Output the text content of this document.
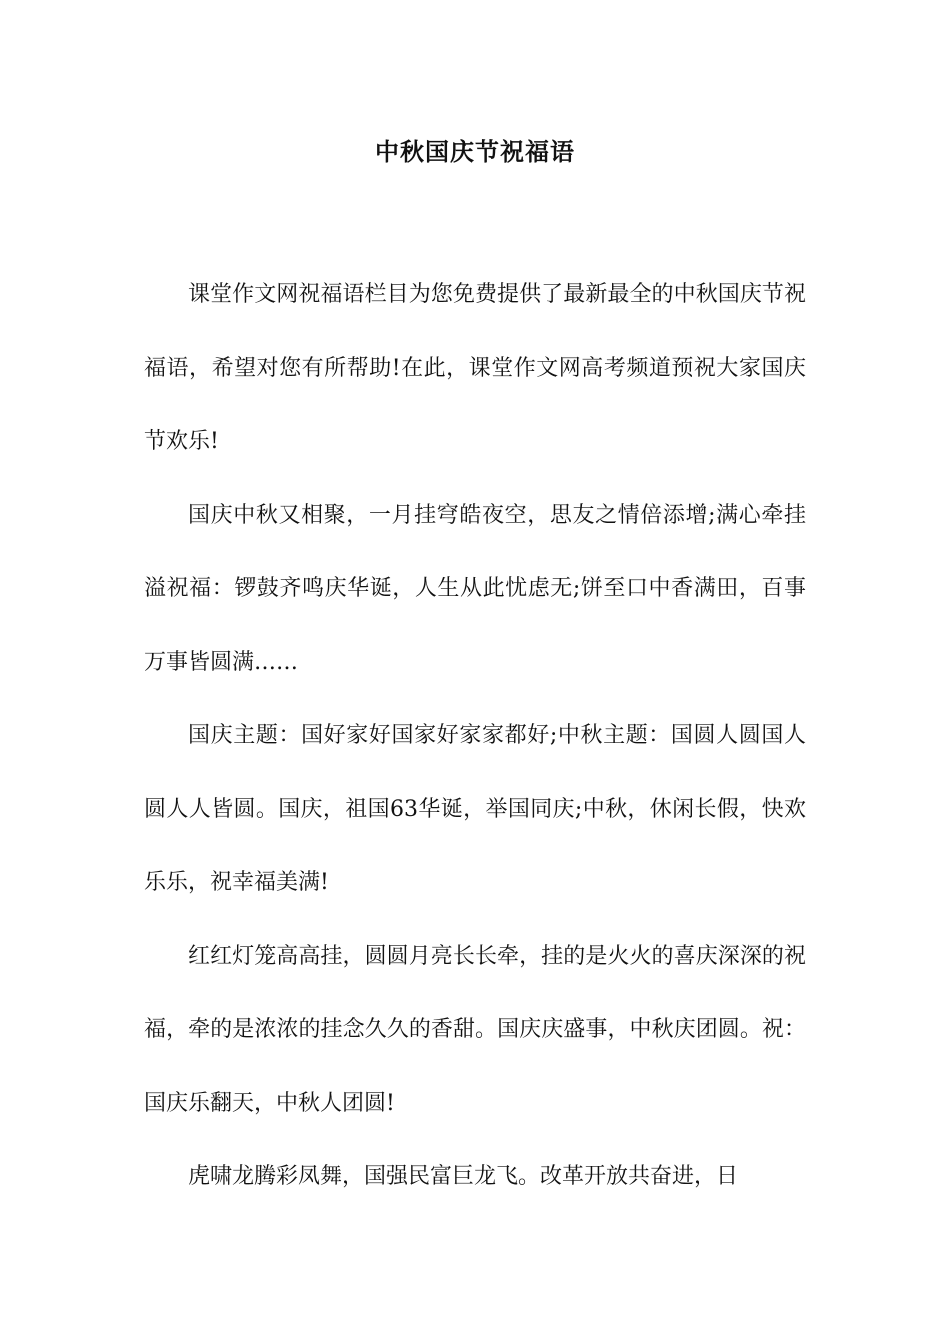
中秋国庆节祝福语

课堂作文网祝福语栏目为您免费提供了最新最全的中秋国庆节祝福语，希望对您有所帮助!在此，课堂作文网高考频道预祝大家国庆节欢乐!

国庆中秋又相聚，一月挂穹皓夜空，思友之情倍添增;满心牵挂溢祝福：锣鼓齐鸣庆华诞，人生从此忧虑无;饼至口中香满田，百事万事皆圆满……

国庆主题：国好家好国家好家家都好;中秋主题：国圆人圆国人圆人人皆圆。国庆，祖国63华诞，举国同庆;中秋，休闲长假，快欢乐乐，祝幸福美满!

红红灯笼高高挂，圆圆月亮长长牵，挂的是火火的喜庆深深的祝福，牵的是浓浓的挂念久久的香甜。国庆庆盛事，中秋庆团圆。祝：国庆乐翻天，中秋人团圆!

虎啸龙腾彩凤舞，国强民富巨龙飞。改革开放共奋进，日
